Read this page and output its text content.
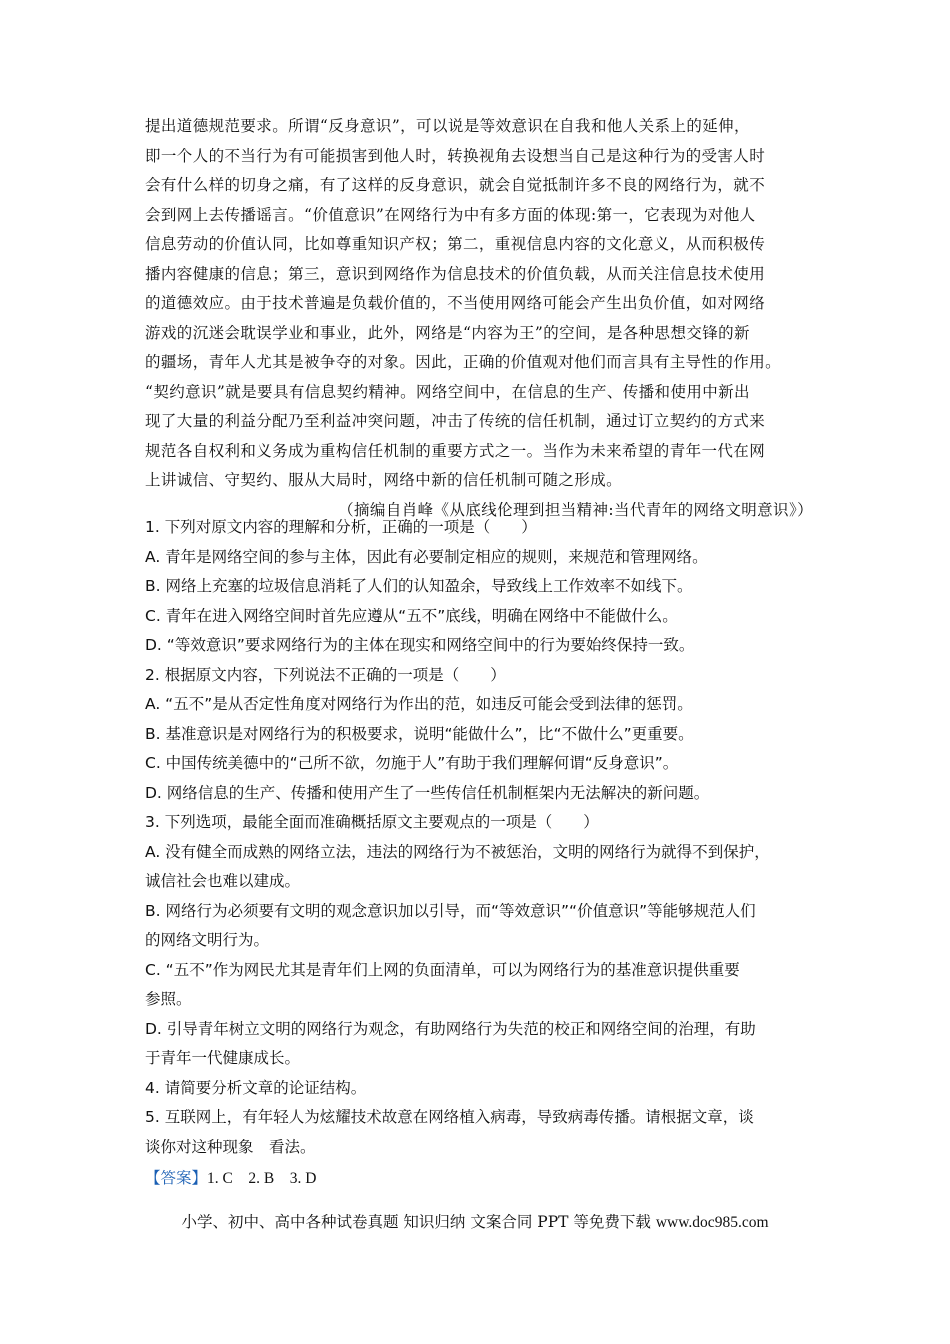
提出道德规范要求。所谓“反身意识”，可以说是等效意识在自我和他人关系上的延伸，
即一个人的不当行为有可能损害到他人时，转换视角去设想当自己是这种行为的受害人时
会有什么样的切身之痛，有了这样的反身意识，就会自觉抵制许多不良的网络行为，就不
会到网上去传播谣言。“价值意识”在网络行为中有多方面的体现:第一，它表现为对他人
信息劳动的价值认同，比如尊重知识产权；第二，重视信息内容的文化意义，从而积极传
播内容健康的信息；第三，意识到网络作为信息技术的价值负载，从而关注信息技术使用
的道德效应。由于技术普遍是负载价值的，不当使用网络可能会产生出负价值，如对网络
游戏的沉迷会耽误学业和事业，此外，网络是“内容为王”的空间，是各种思想交锋的新
的疆场，青年人尤其是被争夺的对象。因此，正确的价值观对他们而言具有主导性的作用。
“契约意识”就是要具有信息契约精神。网络空间中，在信息的生产、传播和使用中新出
现了大量的利益分配乃至利益冲突问题，冲击了传统的信任机制，通过订立契约的方式来
规范各自权利和义务成为重构信任机制的重要方式之一。当作为未来希望的青年一代在网
上讲诚信、守契约、服从大局时，网络中新的信任机制可随之形成。
（摘编自肖峰《从底线伦理到担当精神:当代青年的网络文明意识》）
1. 下列对原文内容的理解和分析，正确的一项是（　　）
A. 青年是网络空间的参与主体，因此有必要制定相应的规则，来规范和管理网络。
B. 网络上充塞的垃圾信息消耗了人们的认知盈余，导致线上工作效率不如线下。
C. 青年在进入网络空间时首先应遵从“五不”底线，明确在网络中不能做什么。
D. “等效意识”要求网络行为的主体在现实和网络空间中的行为要始终保持一致。
2. 根据原文内容，下列说法不正确的一项是（　　）
A. “五不”是从否定性角度对网络行为作出的范，如违反可能会受到法律的惩罚。
B. 基准意识是对网络行为的积极要求，说明“能做什么”，比“不做什么”更重要。
C. 中国传统美德中的“己所不欲，勿施于人”有助于我们理解何谓“反身意识”。
D. 网络信息的生产、传播和使用产生了一些传信任机制框架内无法解决的新问题。
3. 下列选项，最能全面而准确概括原文主要观点的一项是（　　）
A. 没有健全而成熟的网络立法，违法的网络行为不被惩治，文明的网络行为就得不到保护，
诚信社会也难以建成。
B. 网络行为必须要有文明的观念意识加以引导，而“等效意识”“价值意识”等能够规范人们
的网络文明行为。
C. “五不”作为网民尤其是青年们上网的负面清单，可以为网络行为的基准意识提供重要
参照。
D. 引导青年树立文明的网络行为观念，有助网络行为失范的校正和网络空间的治理，有助
于青年一代健康成长。
4. 请简要分析文章的论证结构。
5. 互联网上，有年轻人为炫耀技术故意在网络植入病毒，导致病毒传播。请根据文章，谈
谈你对这种现象　看法。
【答案】1. C　2. B　3. D
小学、初中、高中各种试卷真题 知识归纳 文案合同 PPT 等免费下载 www.doc985.com
